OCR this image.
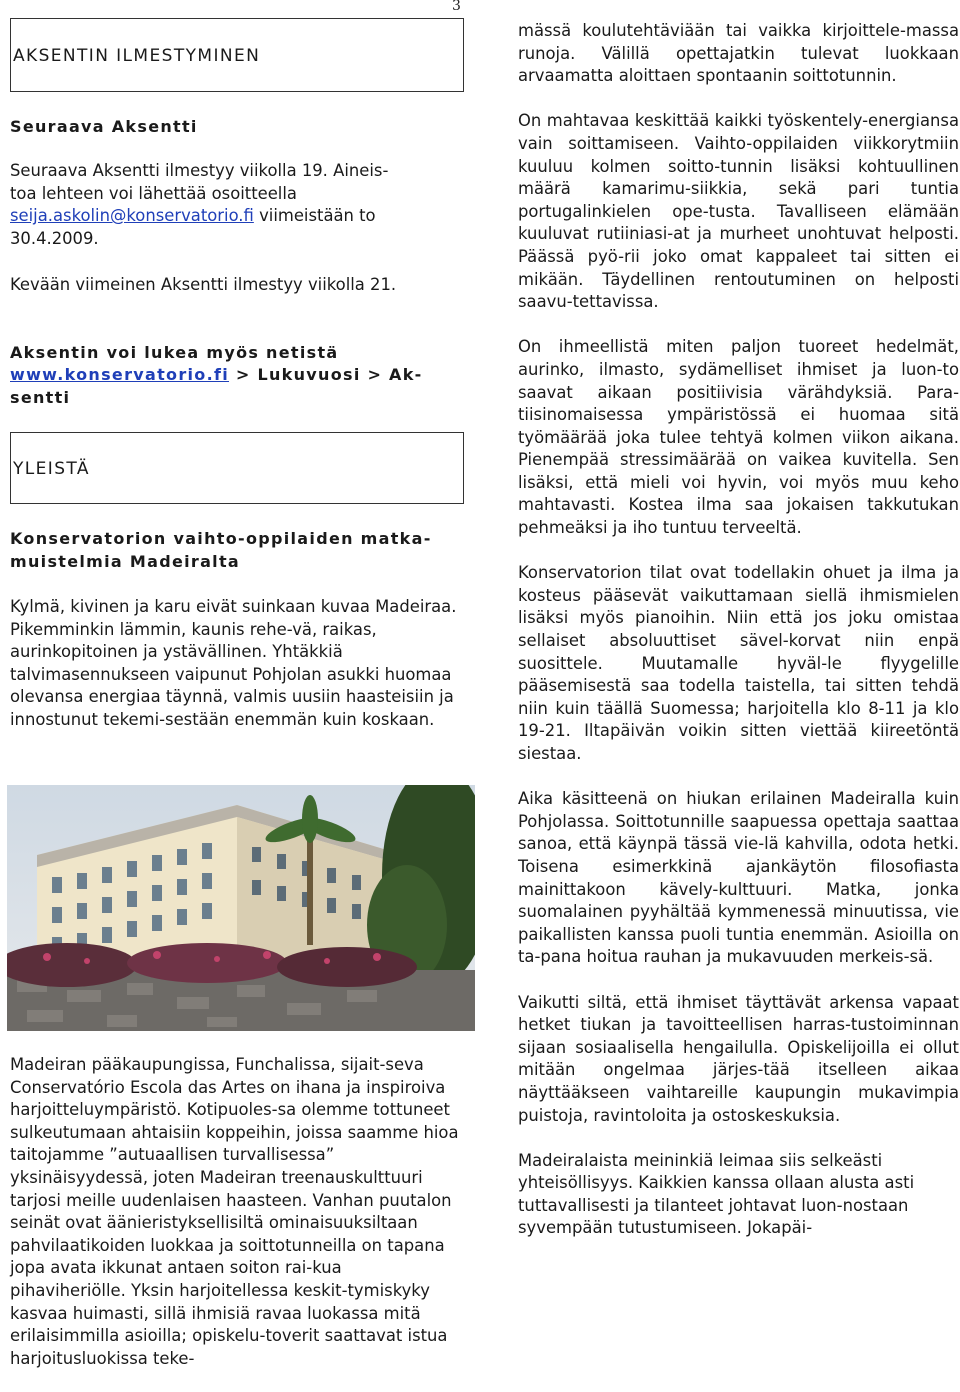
3
AKSENTIN ILMESTYMINEN
Seuraava Aksentti

Seuraava Aksentti ilmestyy viikolla 19. Aineis-toa lehteen voi lähettää osoitteella seija.askolin@konservatorio.fi viimeistään to 30.4.2009.

Kevään viimeinen Aksentti ilmestyy viikolla 21.

Aksentin voi lukea myös netistä
www.konservatorio.fi > Lukuvuosi > Ak-sentti
YLEISTÄ
Konservatorion vaihto-oppilaiden matka-muistelmia Madeiralta

Kylmä, kivinen ja karu eivät suinkaan kuvaa Madeiraa. Pikemminkin lämmin, kaunis rehe-vä, raikas, aurinkopitoinen ja ystävällinen. Yhtäkkiä talvimasennukseen vaipunut Pohjolan asukki huomaa olevansa energiaa täynnä, valmis uusiin haasteisiin ja innostunut tekemi-sestään enemmän kuin koskaan.

Madeiran pääkaupungissa, Funchalissa, sijait-seva Conservatório Escola das Artes on ihana ja inspiroiva harjoitteluympäristö. Kotipuoles-sa olemme tottuneet sulkeutumaan ahtaisiin koppeihin, joissa saamme hioa taitojamme ”autuaallisen turvallisessa” yksinäisyydessä, joten Madeiran treenauskulttuuri tarjosi meille uudenlaisen haasteen. Vanhan puutalon seinät ovat äänieristyksellisiltä ominaisuuksiltaan pahvilaatikoiden luokkaa ja soittotunneilla on tapana jopa avata ikkunat antaen soiton rai-kua pihaviheriölle. Yksin harjoitellessa keskit-tymiskyky kasvaa huimasti, sillä ihmisiä ravaa luokassa mitä erilaisimmilla asioilla; opiskelu-toverit saattavat istua harjoitusluokissa teke-

mässä koulutehtäviään tai vaikka kirjoittele-massa runoja. Välillä opettajatkin tulevat luokkaan arvaamatta aloittaen spontaanin soittotunnin.

On mahtavaa keskittää kaikki työskentely-energiansa vain soittamiseen. Vaihto-oppilaiden viikkorytmiin kuuluu kolmen soitto-tunnin lisäksi kohtuullinen määrä kamarimu-siikkia, sekä pari tuntia portugalinkielen ope-tusta. Tavalliseen elämään kuuluvat rutiiniasi-at ja murheet unohtuvat helposti. Päässä pyö-rii joko omat kappaleet tai sitten ei mikään. Täydellinen rentoutuminen on helposti saavu-tettavissa.

On ihmeellistä miten paljon tuoreet hedelmät, aurinko, ilmasto, sydämelliset ihmiset ja luon-to saavat aikaan positiivisia värähdyksiä. Para-tiisinomaisessa ympäristössä ei huomaa sitä työmäärää joka tulee tehtyä kolmen viikon aikana. Pienempää stressimäärää on vaikea kuvitella. Sen lisäksi, että mieli voi hyvin, voi myös muu keho mahtavasti. Kostea ilma saa jokaisen takkutukan pehmeäksi ja iho tuntuu terveeltä.

Konservatorion tilat ovat todellakin ohuet ja ilma ja kosteus pääsevät vaikuttamaan siellä ihmismielen lisäksi myös pianoihin. Niin että jos joku omistaa sellaiset absoluuttiset sävel-korvat niin enpä suosittele. Muutamalle hyväl-le flyygelille pääsemisestä saa todella taistella, tai sitten tehdä niin kuin täällä Suomessa; harjoitella klo 8-11 ja klo 19-21. Iltapäivän voikin sitten viettää kiireetöntä siestaa.

Aika käsitteenä on hiukan erilainen Madeiralla kuin Pohjolassa. Soittotunnille saapuessa opettaja saattaa sanoa, että käynpä tässä vie-lä kahvilla, odota hetki. Toisena esimerkkinä ajankäytön filosofiasta mainittakoon kävely-kulttuuri. Matka, jonka suomalainen pyyhältää kymmenessä minuutissa, vie paikallisten kanssa puoli tuntia enemmän. Asioilla on ta-pana hoitua rauhan ja mukavuuden merkeis-sä.

Vaikutti siltä, että ihmiset täyttävät arkensa vapaat hetket tiukan ja tavoitteellisen harras-tustoiminnan sijaan sosiaalisella hengailulla. Opiskelijoilla ei ollut mitään ongelmaa järjes-tää itselleen aikaa näyttääkseen vaihtareille kaupungin mukavimpia puistoja, ravintoloita ja ostoskeskuksia.

Madeiralaista meininkiä leimaa siis selkeästi yhteisöllisyys. Kaikkien kanssa ollaan alusta asti tuttavallisesti ja tilanteet johtavat luon-nostaan syvempään tutustumiseen. Jokapäi-
